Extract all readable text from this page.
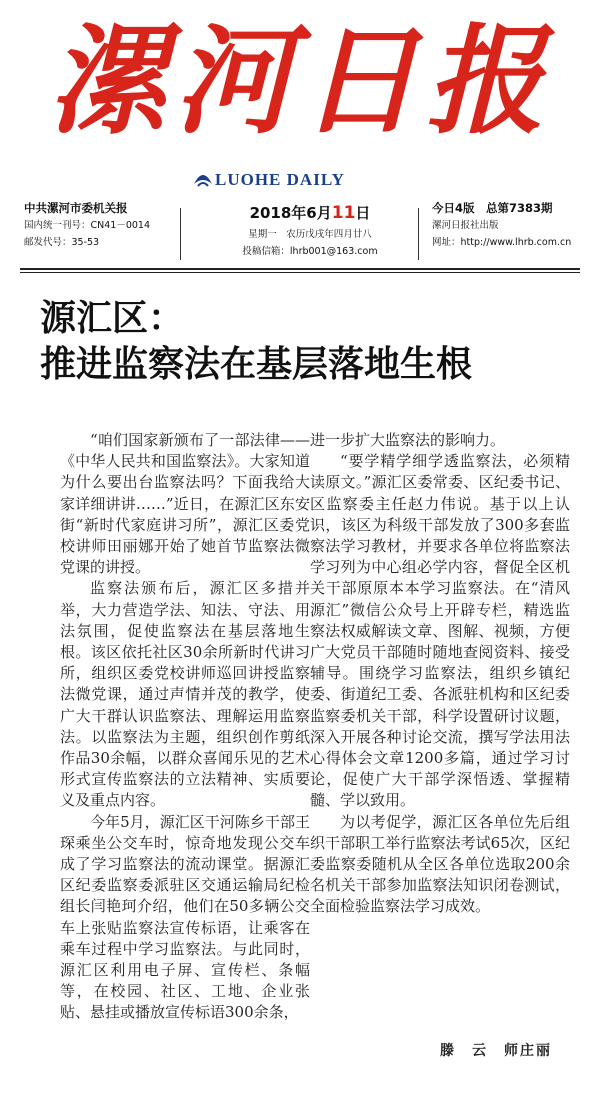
漯河日报
LUOHE DAILY
中共漯河市委机关报
国内统一刊号：CN41－0014
邮发代号：35-53
2018年6月11日
星期一　农历戊戌年四月廿八
投稿信箱：lhrb001@163.com
今日4版　总第7383期
漯河日报社出版
网址：http://www.lhrb.com.cn
源汇区：
推进监察法在基层落地生根

“咱们国家新颁布了一部法律——《中华人民共和国监察法》。大家知道为什么要出台监察法吗？下面我给大家详细讲讲……”近日，在源汇区东安街“新时代家庭讲习所”，源汇区委党校讲师田丽娜开始了她首节监察法微党课的讲授。

监察法颁布后，源汇区多措并举，大力营造学法、知法、守法、用法氛围，促使监察法在基层落地生根。该区依托社区30余所新时代讲习所，组织区委党校讲师巡回讲授监察法微党课，通过声情并茂的教学，使广大干群认识监察法、理解运用监察法。以监察法为主题，组织创作剪纸作品30余幅，以群众喜闻乐见的艺术形式宣传监察法的立法精神、实质要义及重点内容。

今年5月，源汇区干河陈乡干部王琛乘坐公交车时，惊奇地发现公交车成了学习监察法的流动课堂。据源汇区纪委监察委派驻区交通运输局纪检组长闫艳珂介绍，他们在50多辆公交车上张贴监察法宣传标语，让乘客在乘车过程中学习监察法。与此同时，源汇区利用电子屏、宣传栏、条幅等，在校园、社区、工地、企业张贴、悬挂或播放宣传标语300余条，

进一步扩大监察法的影响力。

“要学精学细学透监察法，必须精读原文。”源汇区委常委、区纪委书记、区监察委主任赵力伟说。基于以上认识，该区为科级干部发放了300多套监察法学习教材，并要求各单位将监察法学习列为中心组必学内容，督促全区机关干部原原本本学习监察法。在“清风源汇”微信公众号上开辟专栏，精选监察法权威解读文章、图解、视频，方便广大党员干部随时随地查阅资料、接受辅导。围绕学习监察法，组织乡镇纪委、街道纪工委、各派驻机构和区纪委监察委机关干部，科学设置研讨议题，深入开展各种讨论交流，撰写学法用法心得体会文章1200多篇，通过学习讨论，促使广大干部学深悟透、掌握精髓、学以致用。

为以考促学，源汇区各单位先后组织干部职工举行监察法考试65次，区纪委监察委随机从全区各单位选取200余名机关干部参加监察法知识闭卷测试，全面检验监察法学习成效。

滕　云　师庄丽
